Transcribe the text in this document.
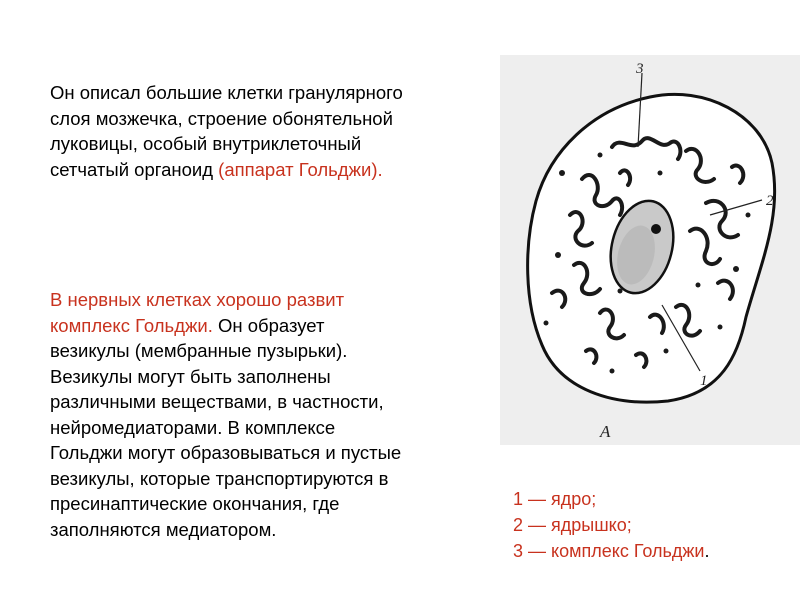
Он описал большие клетки гранулярного
слоя мозжечка, строение обонятельной
луковицы, особый внутриклеточный
сетчатый органоид (аппарат Гольджи).
В нервных клетках хорошо развит
комплекс Гольджи. Он образует
везикулы (мембранные пузырьки).
Везикулы могут быть заполнены
различными веществами, в частности,
нейромедиаторами. В комплексе
Гольджи могут образовываться и пустые
везикулы, которые транспортируются в
пресинаптические окончания, где
заполняются медиатором.
3
2
1
A
1 — ядро;
2 — ядрышко;
3 — комплекс Гольджи.
